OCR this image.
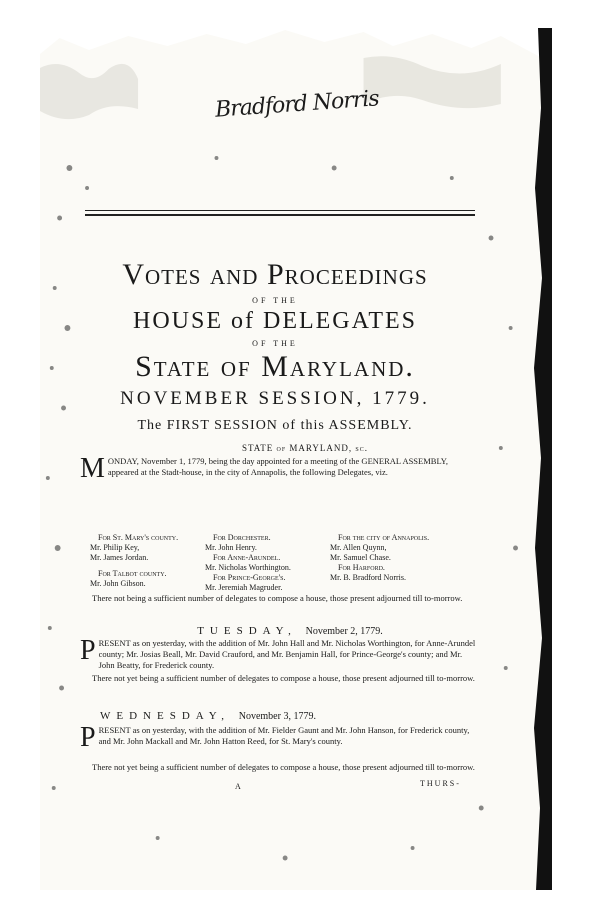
Bradford Norris
Votes and Proceedings
OF THE
HOUSE of DELEGATES
OF THE
State of Maryland.
NOVEMBER SESSION, 1779.
The FIRST SESSION of this ASSEMBLY.
STATE of MARYLAND, sc.
M ONDAY, November 1, 1779, being the day appointed for a meeting of the GENERAL ASSEMBLY, appeared at the Stadt-house, in the city of Annapolis, the following Delegates, viz.
For St. Mary's county.
Mr. Philip Key,
Mr. James Jordan.
For Talbot county.
Mr. John Gibson.
For Dorchester.
Mr. John Henry.
For Anne-Arundel.
Mr. Nicholas Worthington.
For Prince-George's.
Mr. Jeremiah Magruder.
For the city of Annapolis.
Mr. Allen Quynn,
Mr. Samuel Chase.
For Harford.
Mr. B. Bradford Norris.
There not being a sufficient number of delegates to compose a house, those present adjourned till to-morrow.
TUESDAY, November 2, 1779.
P RESENT as on yesterday, with the addition of Mr. John Hall and Mr. Nicholas Worthington, for Anne-Arundel county; Mr. Josias Beall, Mr. David Crauford, and Mr. Benjamin Hall, for Prince-George's county; and Mr. John Beatty, for Frederick county.
There not yet being a sufficient number of delegates to compose a house, those present adjourned till to-morrow.
WEDNESDAY, November 3, 1779.
P RESENT as on yesterday, with the addition of Mr. Fielder Gaunt and Mr. John Hanson, for Frederick county, and Mr. John Mackall and Mr. John Hatton Reed, for St. Mary's county.
There not yet being a sufficient number of delegates to compose a house, those present adjourned till to-morrow.
A	THURS-
